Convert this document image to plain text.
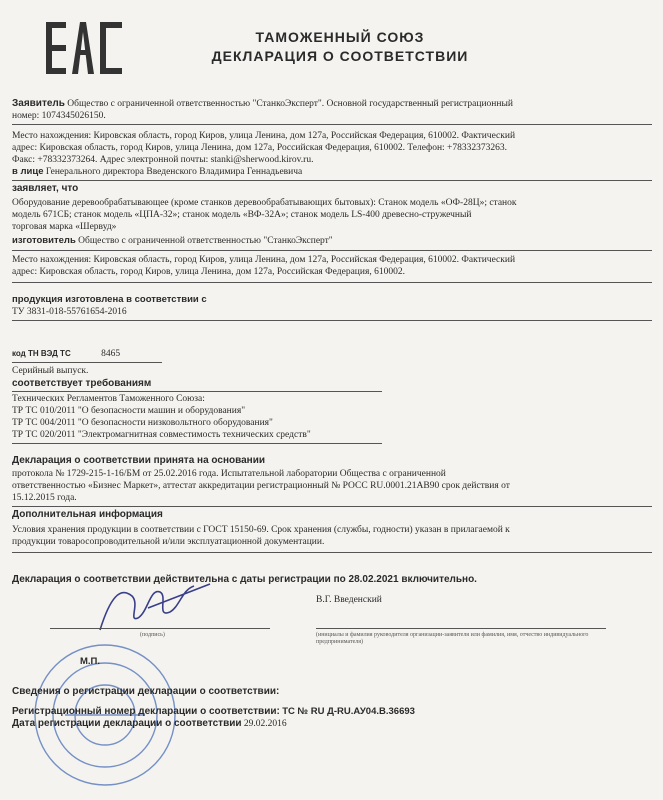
ТАМОЖЕННЫЙ СОЮЗ
ДЕКЛАРАЦИЯ О СООТВЕТСТВИИ
Заявитель Общество с ограниченной ответственностью "СтанкоЭксперт". Основной государственный регистрационный
номер: 1074345026150.
Место нахождения: Кировская область, город Киров, улица Ленина, дом 127а, Российская Федерация, 610002. Фактический
адрес: Кировская область, город Киров, улица Ленина, дом 127а, Российская Федерация, 610002. Телефон: +78332373263.
Факс: +78332373264. Адрес электронной почты: stanki@sherwood.kirov.ru.
в лице Генерального директора Введенского Владимира Геннадьевича
заявляет, что
Оборудование деревообрабатывающее (кроме станков деревообрабатывающих бытовых): Станок модель «ОФ-28Ц»; станок
модель 671СБ; станок модель «ЦПА-32»; станок модель «ВФ-32А»; станок модель LS-400 древесно-стружечный
торговая марка «Шервуд»
изготовитель Общество с ограниченной ответственностью "СтанкоЭксперт"
Место нахождения: Кировская область, город Киров, улица Ленина, дом 127а, Российская Федерация, 610002. Фактический
адрес: Кировская область, город Киров, улица Ленина, дом 127а, Российская Федерация, 610002.
продукция изготовлена в соответствии с
ТУ 3831-018-55761654-2016
код ТН ВЭД ТС	8465
Серийный выпуск.
соответствует требованиям
Технических Регламентов Таможенного Союза:
ТР ТС 010/2011 "О безопасности машин и оборудования"
ТР ТС 004/2011 "О безопасности низковольтного оборудования"
ТР ТС 020/2011 "Электромагнитная совместимость технических средств"
Декларация о соответствии принята на основании
протокола № 1729-215-1-16/БМ от 25.02.2016 года. Испытательной лаборатории Общества с ограниченной
ответственностью «Бизнес Маркет», аттестат аккредитации регистрационный № РОСС RU.0001.21АВ90 срок действия от
15.12.2015 года.
Дополнительная информация
Условия хранения продукции в соответствии с ГОСТ 15150-69. Срок хранения (службы, годности) указан в прилагаемой к
продукции товаросопроводительной и/или эксплуатационной документации.
Декларация о соответствии действительна с даты регистрации по 28.02.2021 включительно.
В.Г. Введенский
(подпись)	(инициалы и фамилия руководителя организации-заявителя или фамилия, имя, отчество индивидуального предпринимателя)
М.П.
Сведения о регистрации декларации о соответствии:
Регистрационный номер декларации о соответствии: ТС № RU Д-RU.АУ04.В.36693
Дата регистрации декларации о соответствии 29.02.2016
